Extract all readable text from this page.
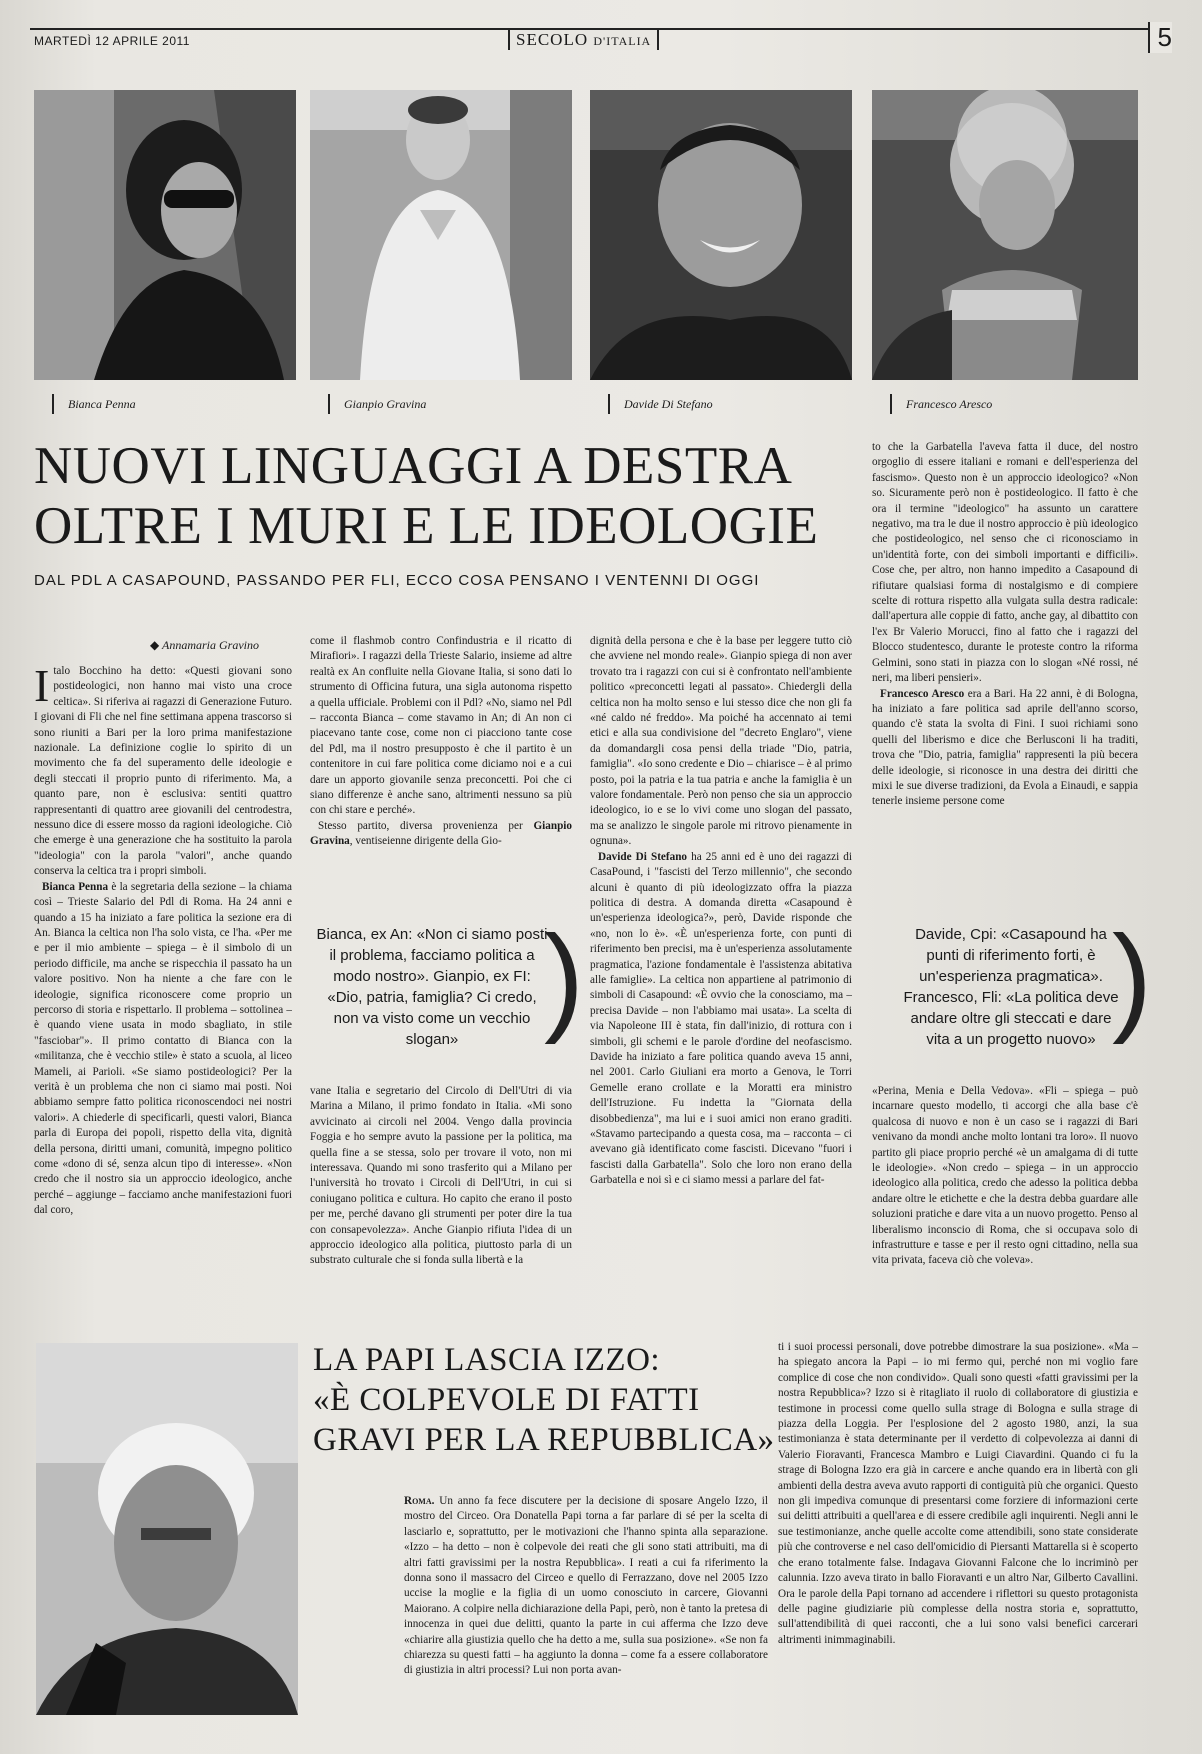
MARTEDÌ 12 APRILE 2011	SECOLO D'ITALIA	5
Bianca Penna	Gianpio Gravina	Davide Di Stefano	Francesco Aresco
NUOVI LINGUAGGI A DESTRA
OLTRE I MURI E LE IDEOLOGIE
DAL PDL A CASAPOUND, PASSANDO PER FLI, ECCO COSA PENSANO I VENTENNI DI OGGI
◆ Annamaria Gravino

Italo Bocchino ha detto: «Questi giovani sono postideologici, non hanno mai visto una croce celtica». Si riferiva ai ragazzi di Generazione Futuro. I giovani di Fli che nel fine settimana appena trascorso si sono riuniti a Bari per la loro prima manifestazione nazionale. La definizione coglie lo spirito di un movimento che fa del superamento delle ideologie e degli steccati il proprio punto di riferimento. Ma, a quanto pare, non è esclusiva: sentiti quattro rappresentanti di quattro aree giovanili del centrodestra, nessuno dice di essere mosso da ragioni ideologiche. Ciò che emerge è una generazione che ha sostituito la parola "ideologia" con la parola "valori", anche quando conserva la celtica tra i propri simboli.

Bianca Penna è la segretaria della sezione – la chiama così – Trieste Salario del Pdl di Roma. Ha 24 anni e quando a 15 ha iniziato a fare politica la sezione era di An. Bianca la celtica non l'ha solo vista, ce l'ha. «Per me e per il mio ambiente – spiega – è il simbolo di un periodo difficile, ma anche se rispecchia il passato ha un valore positivo. Non ha niente a che fare con le ideologie, significa riconoscere come proprio un percorso di storia e rispettarlo. Il problema – sottolinea – è quando viene usata in modo sbagliato, in stile "fasciobar"». Il primo contatto di Bianca con la «militanza, che è vecchio stile» è stato a scuola, al liceo Mameli, ai Parioli. «Se siamo postideologici? Per la verità è un problema che non ci siamo mai posti. Noi abbiamo sempre fatto politica riconoscendoci nei nostri valori». A chiederle di specificarli, questi valori, Bianca parla di Europa dei popoli, rispetto della vita, dignità della persona, diritti umani, comunità, impegno politico come «dono di sé, senza alcun tipo di interesse». «Non credo che il nostro sia un approccio ideologico, anche perché – aggiunge – facciamo anche manifestazioni fuori dal coro,

come il flashmob contro Confindustria e il ricatto di Mirafiori». I ragazzi della Trieste Salario, insieme ad altre realtà ex An confluite nella Giovane Italia, si sono dati lo strumento di Officina futura, una sigla autonoma rispetto a quella ufficiale. Problemi con il Pdl? «No, siamo nel Pdl – racconta Bianca – come stavamo in An; di An non ci piacevano tante cose, come non ci piacciono tante cose del Pdl, ma il nostro presupposto è che il partito è un contenitore in cui fare politica come diciamo noi e a cui dare un apporto giovanile senza preconcetti. Poi che ci siano differenze è anche sano, altrimenti nessuno sa più con chi stare e perché».

Stesso partito, diversa provenienza per Gianpio Gravina, ventiseienne dirigente della Gio-

Bianca, ex An: «Non ci siamo posti il problema, facciamo politica a modo nostro». Gianpio, ex FI: «Dio, patria, famiglia? Ci credo, non va visto come un vecchio slogan» )

vane Italia e segretario del Circolo di Dell'Utri di via Marina a Milano, il primo fondato in Italia. «Mi sono avvicinato ai circoli nel 2004. Vengo dalla provincia Foggia e ho sempre avuto la passione per la politica, ma quella fine a se stessa, solo per trovare il voto, non mi interessava. Quando mi sono trasferito qui a Milano per l'università ho trovato i Circoli di Dell'Utri, in cui si coniugano politica e cultura. Ho capito che erano il posto per me, perché davano gli strumenti per poter dire la tua con consapevolezza». Anche Gianpio rifiuta l'idea di un approccio ideologico alla politica, piuttosto parla di un substrato culturale che si fonda sulla libertà e la

dignità della persona e che è la base per leggere tutto ciò che avviene nel mondo reale». Gianpio spiega di non aver trovato tra i ragazzi con cui si è confrontato nell'ambiente politico «preconcetti legati al passato». Chiedergli della celtica non ha molto senso e lui stesso dice che non gli fa «né caldo né freddo». Ma poiché ha accennato ai temi etici e alla sua condivisione del "decreto Englaro", viene da domandargli cosa pensi della triade "Dio, patria, famiglia". «Io sono credente e Dio – chiarisce – è al primo posto, poi la patria e la tua patria e anche la famiglia è un valore fondamentale. Però non penso che sia un approccio ideologico, io e se lo vivi come uno slogan del passato, ma se analizzo le singole parole mi ritrovo pienamente in ognuna».

Davide Di Stefano ha 25 anni ed è uno dei ragazzi di CasaPound, i "fascisti del Terzo millennio", che secondo alcuni è quanto di più ideologizzato offra la piazza politica di destra. A domanda diretta «Casapound è un'esperienza ideologica?», però, Davide risponde che «no, non lo è». «È un'esperienza forte, con punti di riferimento ben precisi, ma è un'esperienza assolutamente pragmatica, l'azione fondamentale è l'assistenza abitativa alle famiglie». La celtica non appartiene al patrimonio di simboli di Casapound: «È ovvio che la conosciamo, ma – precisa Davide – non l'abbiamo mai usata». La scelta di via Napoleone III è stata, fin dall'inizio, di rottura con i simboli, gli schemi e le parole d'ordine del neofascismo. Davide ha iniziato a fare politica quando aveva 15 anni, nel 2001. Carlo Giuliani era morto a Genova, le Torri Gemelle erano crollate e la Moratti era ministro dell'Istruzione. Fu indetta la "Giornata della disobbedienza", ma lui e i suoi amici non erano graditi. «Stavamo partecipando a questa cosa, ma – racconta – ci avevano già identificato come fascisti. Dicevano "fuori i fascisti dalla Garbatella". Solo che loro non erano della Garbatella e noi sì e ci siamo messi a parlare del fat-

to che la Garbatella l'aveva fatta il duce, del nostro orgoglio di essere italiani e romani e dell'esperienza del fascismo». Questo non è un approccio ideologico? «Non so. Sicuramente però non è postideologico. Il fatto è che ora il termine "ideologico" ha assunto un carattere negativo, ma tra le due il nostro approccio è più ideologico che postideologico, nel senso che ci riconosciamo in un'identità forte, con dei simboli importanti e difficili». Cose che, per altro, non hanno impedito a Casapound di rifiutare qualsiasi forma di nostalgismo e di compiere scelte di rottura rispetto alla vulgata sulla destra radicale: dall'apertura alle coppie di fatto, anche gay, al dibattito con l'ex Br Valerio Morucci, fino al fatto che i ragazzi del Blocco studentesco, durante le proteste contro la riforma Gelmini, sono stati in piazza con lo slogan «Né rossi, né neri, ma liberi pensieri».

Francesco Aresco era a Bari. Ha 22 anni, è di Bologna, ha iniziato a fare politica sad aprile dell'anno scorso, quando c'è stata la svolta di Fini. I suoi richiami sono quelli del liberismo e dice che Berlusconi li ha traditi, trova che "Dio, patria, famiglia" rappresenti la più becera delle ideologie, si riconosce in una destra dei diritti che mixi le sue diverse tradizioni, da Evola a Einaudi, e sappia tenerle insieme persone come

Davide, Cpi: «Casapound ha punti di riferimento forti, è un'esperienza pragmatica». Francesco, Fli: «La politica deve andare oltre gli steccati e dare vita a un progetto nuovo» )

«Perina, Menia e Della Vedova». «Fli – spiega – può incarnare questo modello, ti accorgi che alla base c'è qualcosa di nuovo e non è un caso se i ragazzi di Bari venivano da mondi anche molto lontani tra loro». Il nuovo partito gli piace proprio perché «è un amalgama di di tutte le ideologie». «Non credo – spiega – in un approccio ideologico alla politica, credo che adesso la politica debba andare oltre le etichette e che la destra debba guardare alle soluzioni pratiche e dare vita a un nuovo progetto. Penso al liberalismo inconscio di Roma, che si occupava solo di infrastrutture e tasse e per il resto ogni cittadino, nella sua vita privata, faceva ciò che voleva».

LA PAPI LASCIA IZZO:
«È COLPEVOLE DI FATTI
GRAVI PER LA REPUBBLICA»

Roma. Un anno fa fece discutere per la decisione di sposare Angelo Izzo, il mostro del Circeo. Ora Donatella Papi torna a far parlare di sé per la scelta di lasciarlo e, soprattutto, per le motivazioni che l'hanno spinta alla separazione. «Izzo – ha detto – non è colpevole dei reati che gli sono stati attribuiti, ma di altri fatti gravissimi per la nostra Repubblica». I reati a cui fa riferimento la donna sono il massacro del Circeo e quello di Ferrazzano, dove nel 2005 Izzo uccise la moglie e la figlia di un uomo conosciuto in carcere, Giovanni Maiorano. A colpire nella dichiarazione della Papi, però, non è tanto la pretesa di innocenza in quei due delitti, quanto la parte in cui afferma che Izzo deve «chiarire alla giustizia quello che ha detto a me, sulla sua posizione». «Se non fa chiarezza su questi fatti – ha aggiunto la donna – come fa a essere collaboratore di giustizia in altri processi? Lui non porta avan-

ti i suoi processi personali, dove potrebbe dimostrare la sua posizione». «Ma – ha spiegato ancora la Papi – io mi fermo qui, perché non mi voglio fare complice di cose che non condivido». Quali sono questi «fatti gravissimi per la nostra Repubblica»? Izzo si è ritagliato il ruolo di collaboratore di giustizia e testimone in processi come quello sulla strage di Bologna e sulla strage di piazza della Loggia. Per l'esplosione del 2 agosto 1980, anzi, la sua testimonianza è stata determinante per il verdetto di colpevolezza ai danni di Valerio Fioravanti, Francesca Mambro e Luigi Ciavardini. Quando ci fu la strage di Bologna Izzo era già in carcere e anche quando era in libertà con gli ambienti della destra aveva avuto rapporti di contiguità più che organici. Questo non gli impediva comunque di presentarsi come forziere di informazioni certe sui delitti attribuiti a quell'area e di essere credibile agli inquirenti. Negli anni le sue testimonianze, anche quelle accolte come attendibili, sono state considerate più che controverse e nel caso dell'omicidio di Piersanti Mattarella si è scoperto che erano totalmente false. Indagava Giovanni Falcone che lo incriminò per calunnia. Izzo aveva tirato in ballo Fioravanti e un altro Nar, Gilberto Cavallini. Ora le parole della Papi tornano ad accendere i riflettori su questo protagonista delle pagine giudiziarie più complesse della nostra storia e, soprattutto, sull'attendibilità di quei racconti, che a lui sono valsi benefici carcerari altrimenti inimmaginabili.
